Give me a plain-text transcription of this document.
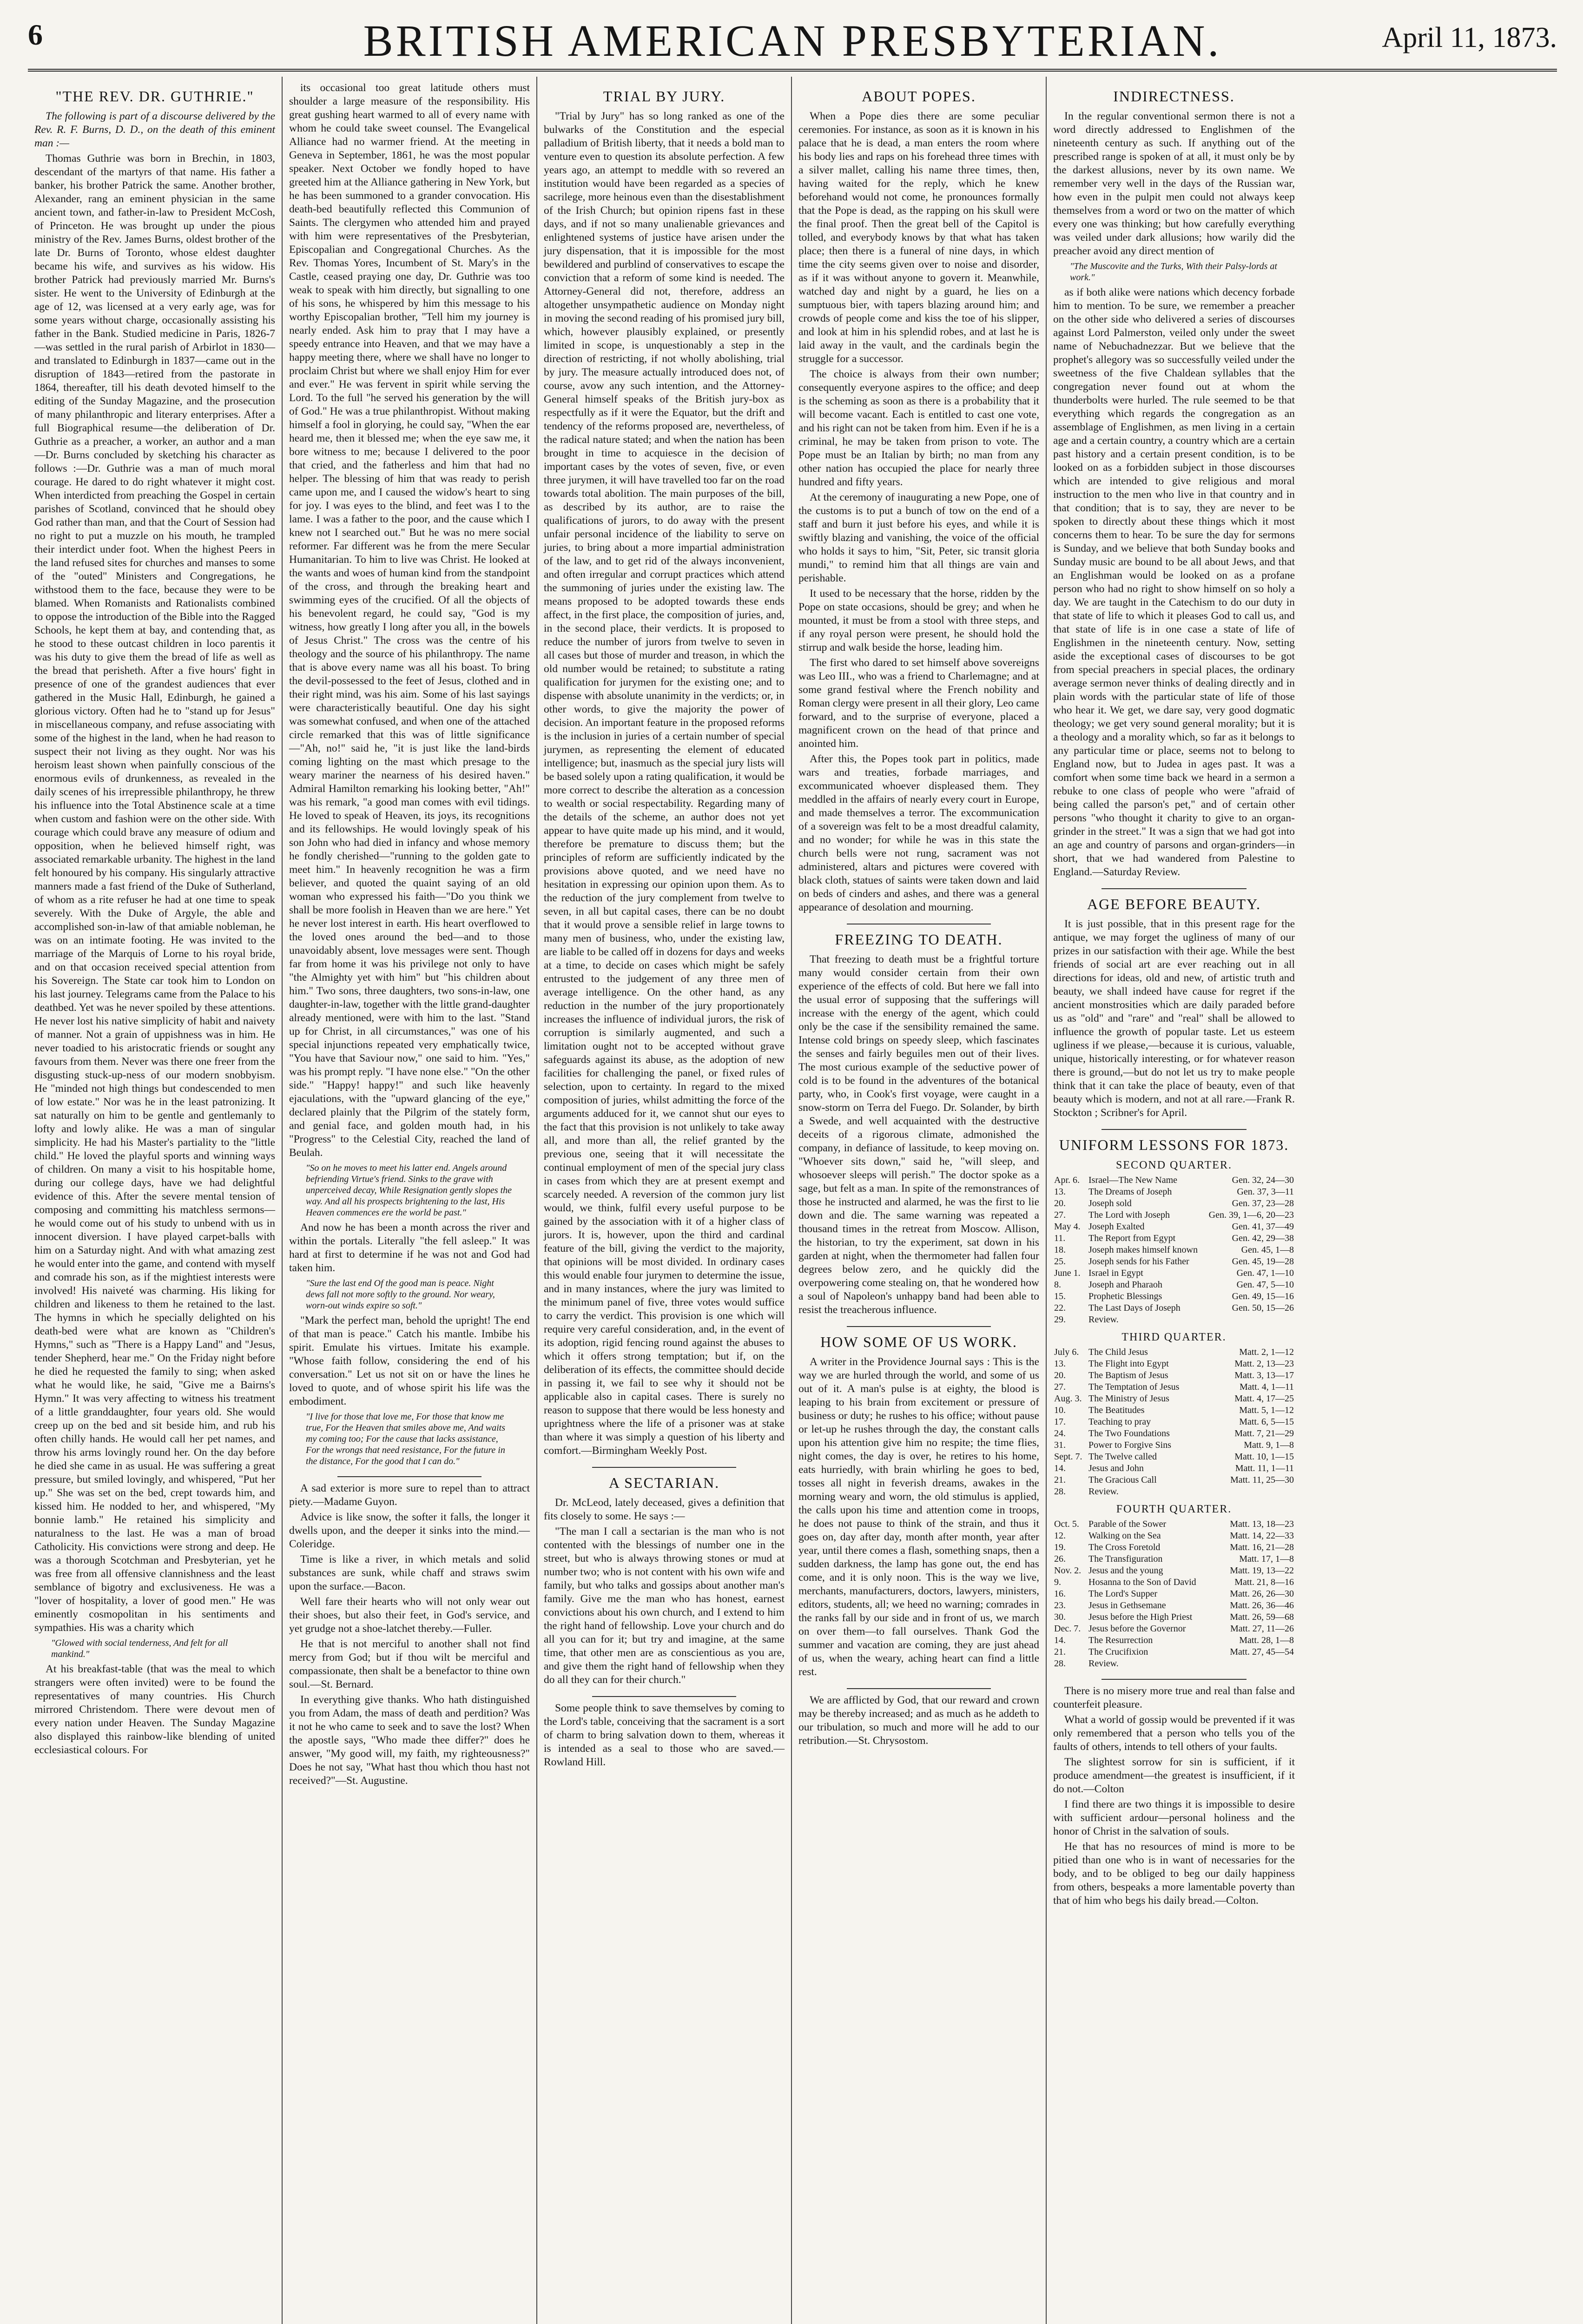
6	BRITISH AMERICAN PRESBYTERIAN.	April 11, 1873.
"THE REV. DR. GUTHRIE."

The following is part of a discourse delivered by the Rev. R. F. Burns, D. D., on the death of this eminent man :—

Thomas Guthrie was born in Brechin, in 1803, descendant of the martyrs of that name. His father a banker, his brother Patrick the same. Another brother, Alexander, rang an eminent physician in the same ancient town, and father-in-law to President McCosh, of Princeton. He was brought up under the pious ministry of the Rev. James Burns, oldest brother of the late Dr. Burns of Toronto, whose eldest daughter became his wife, and survives as his widow. His brother Patrick had previously married Mr. Burns's sister. He went to the University of Edinburgh at the age of 12, was licensed at a very early age, was for some years without charge, occasionally assisting his father in the Bank. Studied medicine in Paris, 1826-7—was settled in the rural parish of Arbirlot in 1830—and translated to Edinburgh in 1837—came out in the disruption of 1843—retired from the pastorate in 1864, thereafter, till his death devoted himself to the editing of the Sunday Magazine, and the prosecution of many philanthropic and literary enterprises. After a full Biographical resume—the deliberation of Dr. Guthrie as a preacher, a worker, an author and a man—Dr. Burns concluded by sketching his character as follows :—Dr. Guthrie was a man of much moral courage. He dared to do right whatever it might cost. When interdicted from preaching the Gospel in certain parishes of Scotland, convinced that he should obey God rather than man, and that the Court of Session had no right to put a muzzle on his mouth, he trampled their interdict under foot. When the highest Peers in the land refused sites for churches and manses to some of the "outed" Ministers and Congregations, he withstood them to the face, because they were to be blamed. When Romanists and Rationalists combined to oppose the introduction of the Bible into the Ragged Schools, he kept them at bay, and contending that, as he stood to these outcast children in loco parentis it was his duty to give them the bread of life as well as the bread that perisheth. After a five hours' fight in presence of one of the grandest audiences that ever gathered in the Music Hall, Edinburgh, he gained a glorious victory. Often had he to "stand up for Jesus" in miscellaneous company, and refuse associating with some of the highest in the land, when he had reason to suspect their not living as they ought. Nor was his heroism least shown when painfully conscious of the enormous evils of drunkenness, as revealed in the daily scenes of his irrepressible philanthropy, he threw his influence into the Total Abstinence scale at a time when custom and fashion were on the other side. With courage which could brave any measure of odium and opposition, when he believed himself right, was associated remarkable urbanity. The highest in the land felt honoured by his company. His singularly attractive manners made a fast friend of the Duke of Sutherland, of whom as a rite refuser he had at one time to speak severely. With the Duke of Argyle, the able and accomplished son-in-law of that amiable nobleman, he was on an intimate footing. He was invited to the marriage of the Marquis of Lorne to his royal bride, and on that occasion received special attention from his Sovereign. The State car took him to London on his last journey. Telegrams came from the Palace to his deathbed. Yet was he never spoiled by these attentions. He never lost his native simplicity of habit and naivety of manner. Not a grain of uppishness was in him. He never toadied to his aristocratic friends or sought any favours from them. Never was there one freer from the disgusting stuck-up-ness of our modern snobbyism. He "minded not high things but condescended to men of low estate." Nor was he in the least patronizing. It sat naturally on him to be gentle and gentlemanly to lofty and lowly alike. He was a man of singular simplicity. He had his Master's partiality to the "little child." He loved the playful sports and winning ways of children. On many a visit to his hospitable home, during our college days, have we had delightful evidence of this. After the severe mental tension of composing and committing his matchless sermons—he would come out of his study to unbend with us in innocent diversion. I have played carpet-balls with him on a Saturday night. And with what amazing zest he would enter into the game, and contend with myself and comrade his son, as if the mightiest interests were involved! His naiveté was charming. His liking for children and likeness to them he retained to the last. The hymns in which he specially delighted on his death-bed were what are known as "Children's Hymns," such as "There is a Happy Land" and "Jesus, tender Shepherd, hear me." On the Friday night before he died he requested the family to sing; when asked what he would like, he said, "Give me a Bairns's Hymn." It was very affecting to witness his treatment of a little granddaughter, four years old. She would creep up on the bed and sit beside him, and rub his often chilly hands. He would call her pet names, and throw his arms lovingly round her. On the day before he died she came in as usual. He was suffering a great pressure, but smiled lovingly, and whispered, "Put her up." She was set on the bed, crept towards him, and kissed him. He nodded to her, and whispered, "My bonnie lamb." He retained his simplicity and naturalness to the last. He was a man of broad Catholicity. His convictions were strong and deep. He was a thorough Scotchman and Presbyterian, yet he was free from all offensive clannishness and the least semblance of bigotry and exclusiveness. He was a "lover of hospitality, a lover of good men." He was eminently cosmopolitan in his sentiments and sympathies. His was a charity which

"Glowed with social tenderness, And felt for all mankind."

At his breakfast-table (that was the meal to which strangers were often invited) were to be found the representatives of many countries. His Church mirrored Christendom. There were devout men of every nation under Heaven. The Sunday Magazine also displayed this rainbow-like blending of united ecclesiastical colours. For

its occasional too great latitude others must shoulder a large measure of the responsibility. His great gushing heart warmed to all of every name with whom he could take sweet counsel. The Evangelical Alliance had no warmer friend. At the meeting in Geneva in September, 1861, he was the most popular speaker. Next October we fondly hoped to have greeted him at the Alliance gathering in New York, but he has been summoned to a grander convocation. His death-bed beautifully reflected this Communion of Saints. The clergymen who attended him and prayed with him were representatives of the Presbyterian, Episcopalian and Congregational Churches. As the Rev. Thomas Yores, Incumbent of St. Mary's in the Castle, ceased praying one day, Dr. Guthrie was too weak to speak with him directly, but signalling to one of his sons, he whispered by him this message to his worthy Episcopalian brother, "Tell him my journey is nearly ended. Ask him to pray that I may have a speedy entrance into Heaven, and that we may have a happy meeting there, where we shall have no longer to proclaim Christ but where we shall enjoy Him for ever and ever." He was fervent in spirit while serving the Lord. To the full "he served his generation by the will of God." He was a true philanthropist. Without making himself a fool in glorying, he could say, "When the ear heard me, then it blessed me; when the eye saw me, it bore witness to me; because I delivered to the poor that cried, and the fatherless and him that had no helper. The blessing of him that was ready to perish came upon me, and I caused the widow's heart to sing for joy. I was eyes to the blind, and feet was I to the lame. I was a father to the poor, and the cause which I knew not I searched out." But he was no mere social reformer. Far different was he from the mere Secular Humanitarian. To him to live was Christ. He looked at the wants and woes of human kind from the standpoint of the cross, and through the breaking heart and swimming eyes of the crucified. Of all the objects of his benevolent regard, he could say, "God is my witness, how greatly I long after you all, in the bowels of Jesus Christ." The cross was the centre of his theology and the source of his philanthropy. The name that is above every name was all his boast. To bring the devil-possessed to the feet of Jesus, clothed and in their right mind, was his aim. Some of his last sayings were characteristically beautiful. One day his sight was somewhat confused, and when one of the attached circle remarked that this was of little significance—"Ah, no!" said he, "it is just like the land-birds coming lighting on the mast which presage to the weary mariner the nearness of his desired haven." Admiral Hamilton remarking his looking better, "Ah!" was his remark, "a good man comes with evil tidings. He loved to speak of Heaven, its joys, its recognitions and its fellowships. He would lovingly speak of his son John who had died in infancy and whose memory he fondly cherished—"running to the golden gate to meet him." In heavenly recognition he was a firm believer, and quoted the quaint saying of an old woman who expressed his faith—"Do you think we shall be more foolish in Heaven than we are here." Yet he never lost interest in earth. His heart overflowed to the loved ones around the bed—and to those unavoidably absent, love messages were sent. Though far from home it was his privilege not only to have "the Almighty yet with him" but "his children about him." Two sons, three daughters, two sons-in-law, one daughter-in-law, together with the little grand-daughter already mentioned, were with him to the last. "Stand up for Christ, in all circumstances," was one of his special injunctions repeated very emphatically twice, "You have that Saviour now," one said to him. "Yes," was his prompt reply. "I have none else." "On the other side." "Happy! happy!" and such like heavenly ejaculations, with the "upward glancing of the eye," declared plainly that the Pilgrim of the stately form, and genial face, and golden mouth had, in his "Progress" to the Celestial City, reached the land of Beulah.

"So on he moves to meet his latter end. Angels around befriending Virtue's friend. Sinks to the grave with unperceived decay, While Resignation gently slopes the way. And all his prospects brightening to the last, His Heaven commences ere the world be past."

And now he has been a month across the river and within the portals. Literally "the fell asleep." It was hard at first to determine if he was not and God had taken him.

"Sure the last end Of the good man is peace. Night dews fall not more softly to the ground. Nor weary, worn-out winds expire so soft."

"Mark the perfect man, behold the upright! The end of that man is peace." Catch his mantle. Imbibe his spirit. Emulate his virtues. Imitate his example. "Whose faith follow, considering the end of his conversation." Let us not sit on or have the lines he loved to quote, and of whose spirit his life was the embodiment.

"I live for those that love me, For those that know me true, For the Heaven that smiles above me, And waits my coming too; For the cause that lacks assistance, For the wrongs that need resistance, For the future in the distance, For the good that I can do."

A sad exterior is more sure to repel than to attract piety.—Madame Guyon.

Advice is like snow, the softer it falls, the longer it dwells upon, and the deeper it sinks into the mind.—Coleridge.

Time is like a river, in which metals and solid substances are sunk, while chaff and straws swim upon the surface.—Bacon.

Well fare their hearts who will not only wear out their shoes, but also their feet, in God's service, and yet grudge not a shoe-latchet thereby.—Fuller.

He that is not merciful to another shall not find mercy from God; but if thou wilt be merciful and compassionate, then shalt be a benefactor to thine own soul.—St. Bernard.

In everything give thanks. Who hath distinguished you from Adam, the mass of death and perdition? Was it not he who came to seek and to save the lost? When the apostle says, "Who made thee differ?" does he answer, "My good will, my faith, my righteousness?" Does he not say, "What hast thou which thou hast not received?"—St. Augustine.

TRIAL BY JURY.

"Trial by Jury" has so long ranked as one of the bulwarks of the Constitution and the especial palladium of British liberty, that it needs a bold man to venture even to question its absolute perfection. A few years ago, an attempt to meddle with so revered an institution would have been regarded as a species of sacrilege, more heinous even than the disestablishment of the Irish Church; but opinion ripens fast in these days, and if not so many unalienable grievances and enlightened systems of justice have arisen under the jury dispensation, that it is impossible for the most bewildered and purblind of conservatives to escape the conviction that a reform of some kind is needed. The Attorney-General did not, therefore, address an altogether unsympathetic audience on Monday night in moving the second reading of his promised jury bill, which, however plausibly explained, or presently limited in scope, is unquestionably a step in the direction of restricting, if not wholly abolishing, trial by jury. The measure actually introduced does not, of course, avow any such intention, and the Attorney-General himself speaks of the British jury-box as respectfully as if it were the Equator, but the drift and tendency of the reforms proposed are, nevertheless, of the radical nature stated; and when the nation has been brought in time to acquiesce in the decision of important cases by the votes of seven, five, or even three jurymen, it will have travelled too far on the road towards total abolition. The main purposes of the bill, as described by its author, are to raise the qualifications of jurors, to do away with the present unfair personal incidence of the liability to serve on juries, to bring about a more impartial administration of the law, and to get rid of the always inconvenient, and often irregular and corrupt practices which attend the summoning of juries under the existing law. The means proposed to be adopted towards these ends affect, in the first place, the composition of juries, and, in the second place, their verdicts. It is proposed to reduce the number of jurors from twelve to seven in all cases but those of murder and treason, in which the old number would be retained; to substitute a rating qualification for jurymen for the existing one; and to dispense with absolute unanimity in the verdicts; or, in other words, to give the majority the power of decision. An important feature in the proposed reforms is the inclusion in juries of a certain number of special jurymen, as representing the element of educated intelligence; but, inasmuch as the special jury lists will be based solely upon a rating qualification, it would be more correct to describe the alteration as a concession to wealth or social respectability. Regarding many of the details of the scheme, an author does not yet appear to have quite made up his mind, and it would, therefore be premature to discuss them; but the principles of reform are sufficiently indicated by the provisions above quoted, and we need have no hesitation in expressing our opinion upon them. As to the reduction of the jury complement from twelve to seven, in all but capital cases, there can be no doubt that it would prove a sensible relief in large towns to many men of business, who, under the existing law, are liable to be called off in dozens for days and weeks at a time, to decide on cases which might be safely entrusted to the judgement of any three men of average intelligence. On the other hand, as any reduction in the number of the jury proportionately increases the influence of individual jurors, the risk of corruption is similarly augmented, and such a limitation ought not to be accepted without grave safeguards against its abuse, as the adoption of new facilities for challenging the panel, or fixed rules of selection, upon to certainty. In regard to the mixed composition of juries, whilst admitting the force of the arguments adduced for it, we cannot shut our eyes to the fact that this provision is not unlikely to take away all, and more than all, the relief granted by the previous one, seeing that it will necessitate the continual employment of men of the special jury class in cases from which they are at present exempt and scarcely needed. A reversion of the common jury list would, we think, fulfil every useful purpose to be gained by the association with it of a higher class of jurors. It is, however, upon the third and cardinal feature of the bill, giving the verdict to the majority, that opinions will be most divided. In ordinary cases this would enable four jurymen to determine the issue, and in many instances, where the jury was limited to the minimum panel of five, three votes would suffice to carry the verdict. This provision is one which will require very careful consideration, and, in the event of its adoption, rigid fencing round against the abuses to which it offers strong temptation; but if, on the deliberation of its effects, the committee should decide in passing it, we fail to see why it should not be applicable also in capital cases. There is surely no reason to suppose that there would be less honesty and uprightness where the life of a prisoner was at stake than where it was simply a question of his liberty and comfort.—Birmingham Weekly Post.

A SECTARIAN.

Dr. McLeod, lately deceased, gives a definition that fits closely to some. He says :—

"The man I call a sectarian is the man who is not contented with the blessings of number one in the street, but who is always throwing stones or mud at number two; who is not content with his own wife and family, but who talks and gossips about another man's family. Give me the man who has honest, earnest convictions about his own church, and I extend to him the right hand of fellowship. Love your church and do all you can for it; but try and imagine, at the same time, that other men are as conscientious as you are, and give them the right hand of fellowship when they do all they can for their church."

Some people think to save themselves by coming to the Lord's table, conceiving that the sacrament is a sort of charm to bring salvation down to them, whereas it is intended as a seal to those who are saved.—Rowland Hill.

ABOUT POPES.

When a Pope dies there are some peculiar ceremonies. For instance, as soon as it is known in his palace that he is dead, a man enters the room where his body lies and raps on his forehead three times with a silver mallet, calling his name three times, then, having waited for the reply, which he knew beforehand would not come, he pronounces formally that the Pope is dead, as the rapping on his skull were the final proof. Then the great bell of the Capitol is tolled, and everybody knows by that what has taken place; then there is a funeral of nine days, in which time the city seems given over to noise and disorder, as if it was without anyone to govern it. Meanwhile, watched day and night by a guard, he lies on a sumptuous bier, with tapers blazing around him; and crowds of people come and kiss the toe of his slipper, and look at him in his splendid robes, and at last he is laid away in the vault, and the cardinals begin the struggle for a successor.

The choice is always from their own number; consequently everyone aspires to the office; and deep is the scheming as soon as there is a probability that it will become vacant. Each is entitled to cast one vote, and his right can not be taken from him. Even if he is a criminal, he may be taken from prison to vote. The Pope must be an Italian by birth; no man from any other nation has occupied the place for nearly three hundred and fifty years.

At the ceremony of inaugurating a new Pope, one of the customs is to put a bunch of tow on the end of a staff and burn it just before his eyes, and while it is swiftly blazing and vanishing, the voice of the official who holds it says to him, "Sit, Peter, sic transit gloria mundi," to remind him that all things are vain and perishable.

It used to be necessary that the horse, ridden by the Pope on state occasions, should be grey; and when he mounted, it must be from a stool with three steps, and if any royal person were present, he should hold the stirrup and walk beside the horse, leading him.

The first who dared to set himself above sovereigns was Leo III., who was a friend to Charlemagne; and at some grand festival where the French nobility and Roman clergy were present in all their glory, Leo came forward, and to the surprise of everyone, placed a magnificent crown on the head of that prince and anointed him.

After this, the Popes took part in politics, made wars and treaties, forbade marriages, and excommunicated whoever displeased them. They meddled in the affairs of nearly every court in Europe, and made themselves a terror. The excommunication of a sovereign was felt to be a most dreadful calamity, and no wonder; for while he was in this state the church bells were not rung, sacrament was not administered, altars and pictures were covered with black cloth, statues of saints were taken down and laid on beds of cinders and ashes, and there was a general appearance of desolation and mourning.

FREEZING TO DEATH.

That freezing to death must be a frightful torture many would consider certain from their own experience of the effects of cold. But here we fall into the usual error of supposing that the sufferings will increase with the energy of the agent, which could only be the case if the sensibility remained the same. Intense cold brings on speedy sleep, which fascinates the senses and fairly beguiles men out of their lives. The most curious example of the seductive power of cold is to be found in the adventures of the botanical party, who, in Cook's first voyage, were caught in a snow-storm on Terra del Fuego. Dr. Solander, by birth a Swede, and well acquainted with the destructive deceits of a rigorous climate, admonished the company, in defiance of lassitude, to keep moving on. "Whoever sits down," said he, "will sleep, and whosoever sleeps will perish." The doctor spoke as a sage, but felt as a man. In spite of the remonstrances of those he instructed and alarmed, he was the first to lie down and die. The same warning was repeated a thousand times in the retreat from Moscow. Allison, the historian, to try the experiment, sat down in his garden at night, when the thermometer had fallen four degrees below zero, and he quickly did the overpowering come stealing on, that he wondered how a soul of Napoleon's unhappy band had been able to resist the treacherous influence.

HOW SOME OF US WORK.

A writer in the Providence Journal says : This is the way we are hurled through the world, and some of us out of it. A man's pulse is at eighty, the blood is leaping to his brain from excitement or pressure of business or duty; he rushes to his office; without pause or let-up he rushes through the day, the constant calls upon his attention give him no respite; the time flies, night comes, the day is over, he retires to his home, eats hurriedly, with brain whirling he goes to bed, tosses all night in feverish dreams, awakes in the morning weary and worn, the old stimulus is applied, the calls upon his time and attention come in troops, he does not pause to think of the strain, and thus it goes on, day after day, month after month, year after year, until there comes a flash, something snaps, then a sudden darkness, the lamp has gone out, the end has come, and it is only noon. This is the way we live, merchants, manufacturers, doctors, lawyers, ministers, editors, students, all; we heed no warning; comrades in the ranks fall by our side and in front of us, we march on over them—to fall ourselves. Thank God the summer and vacation are coming, they are just ahead of us, when the weary, aching heart can find a little rest.

We are afflicted by God, that our reward and crown may be thereby increased; and as much as he addeth to our tribulation, so much and more will he add to our retribution.—St. Chrysostom.

INDIRECTNESS.

In the regular conventional sermon there is not a word directly addressed to Englishmen of the nineteenth century as such. If anything out of the prescribed range is spoken of at all, it must only be by the darkest allusions, never by its own name. We remember very well in the days of the Russian war, how even in the pulpit men could not always keep themselves from a word or two on the matter of which every one was thinking; but how carefully everything was veiled under dark allusions; how warily did the preacher avoid any direct mention of

"The Muscovite and the Turks, With their Palsy-lords at work."

as if both alike were nations which decency forbade him to mention. To be sure, we remember a preacher on the other side who delivered a series of discourses against Lord Palmerston, veiled only under the sweet name of Nebuchadnezzar. But we believe that the prophet's allegory was so successfully veiled under the sweetness of the five Chaldean syllables that the congregation never found out at whom the thunderbolts were hurled. The rule seemed to be that everything which regards the congregation as an assemblage of Englishmen, as men living in a certain age and a certain country, a country which are a certain past history and a certain present condition, is to be looked on as a forbidden subject in those discourses which are intended to give religious and moral instruction to the men who live in that country and in that condition; that is to say, they are never to be spoken to directly about these things which it most concerns them to hear. To be sure the day for sermons is Sunday, and we believe that both Sunday books and Sunday music are bound to be all about Jews, and that an Englishman would be looked on as a profane person who had no right to show himself on so holy a day. We are taught in the Catechism to do our duty in that state of life to which it pleases God to call us, and that state of life is in one case a state of life of Englishmen in the nineteenth century. Now, setting aside the exceptional cases of discourses to be got from special preachers in special places, the ordinary average sermon never thinks of dealing directly and in plain words with the particular state of life of those who hear it. We get, we dare say, very good dogmatic theology; we get very sound general morality; but it is a theology and a morality which, so far as it belongs to any particular time or place, seems not to belong to England now, but to Judea in ages past. It was a comfort when some time back we heard in a sermon a rebuke to one class of people who were "afraid of being called the parson's pet," and of certain other persons "who thought it charity to give to an organ-grinder in the street." It was a sign that we had got into an age and country of parsons and organ-grinders—in short, that we had wandered from Palestine to England.—Saturday Review.

AGE BEFORE BEAUTY.

It is just possible, that in this present rage for the antique, we may forget the ugliness of many of our prizes in our satisfaction with their age. While the best friends of social art are ever reaching out in all directions for ideas, old and new, of artistic truth and beauty, we shall indeed have cause for regret if the ancient monstrosities which are daily paraded before us as "old" and "rare" and "real" shall be allowed to influence the growth of popular taste. Let us esteem ugliness if we please,—because it is curious, valuable, unique, historically interesting, or for whatever reason there is ground,—but do not let us try to make people think that it can take the place of beauty, even of that beauty which is modern, and not at all rare.—Frank R. Stockton ; Scribner's for April.

UNIFORM LESSONS FOR 1873.
SECOND QUARTER.
Apr. 6.	Israel—The New Name	Gen. 32, 24—30
13.	The Dreams of Joseph	Gen. 37, 3—11
20.	Joseph sold	Gen. 37, 23—28
27.	The Lord with Joseph	Gen. 39, 1—6, 20—23
May 4.	Joseph Exalted	Gen. 41, 37—49
11.	The Report from Egypt	Gen. 42, 29—38
18.	Joseph makes himself known	Gen. 45, 1—8
25.	Joseph sends for his Father	Gen. 45, 19—28
June 1.	Israel in Egypt	Gen. 47, 1—10
8.	Joseph and Pharaoh	Gen. 47, 5—10
15.	Prophetic Blessings	Gen. 49, 15—16
22.	The Last Days of Joseph	Gen. 50, 15—26
29.	Review.	
THIRD QUARTER.
July 6.	The Child Jesus	Matt. 2, 1—12
13.	The Flight into Egypt	Matt. 2, 13—23
20.	The Baptism of Jesus	Matt. 3, 13—17
27.	The Temptation of Jesus	Matt. 4, 1—11
Aug. 3.	The Ministry of Jesus	Matt. 4, 17—25
10.	The Beatitudes	Matt. 5, 1—12
17.	Teaching to pray	Matt. 6, 5—15
24.	The Two Foundations	Matt. 7, 21—29
31.	Power to Forgive Sins	Matt. 9, 1—8
Sept. 7.	The Twelve called	Matt. 10, 1—15
14.	Jesus and John	Matt. 11, 1—11
21.	The Gracious Call	Matt. 11, 25—30
28.	Review.	
FOURTH QUARTER.
Oct. 5.	Parable of the Sower	Matt. 13, 18—23
12.	Walking on the Sea	Matt. 14, 22—33
19.	The Cross Foretold	Matt. 16, 21—28
26.	The Transfiguration	Matt. 17, 1—8
Nov. 2.	Jesus and the young	Matt. 19, 13—22
9.	Hosanna to the Son of David	Matt. 21, 8—16
16.	The Lord's Supper	Matt. 26, 26—30
23.	Jesus in Gethsemane	Matt. 26, 36—46
30.	Jesus before the High Priest	Matt. 26, 59—68
Dec. 7.	Jesus before the Governor	Matt. 27, 11—26
14.	The Resurrection	Matt. 28, 1—8
21.	The Crucifixion	Matt. 27, 45—54
28.	Review.	

There is no misery more true and real than false and counterfeit pleasure.

What a world of gossip would be prevented if it was only remembered that a person who tells you of the faults of others, intends to tell others of your faults.

The slightest sorrow for sin is sufficient, if it produce amendment—the greatest is insufficient, if it do not.—Colton

I find there are two things it is impossible to desire with sufficient ardour—personal holiness and the honor of Christ in the salvation of souls.

He that has no resources of mind is more to be pitied than one who is in want of necessaries for the body, and to be obliged to beg our daily happiness from others, bespeaks a more lamentable poverty than that of him who begs his daily bread.—Colton.
